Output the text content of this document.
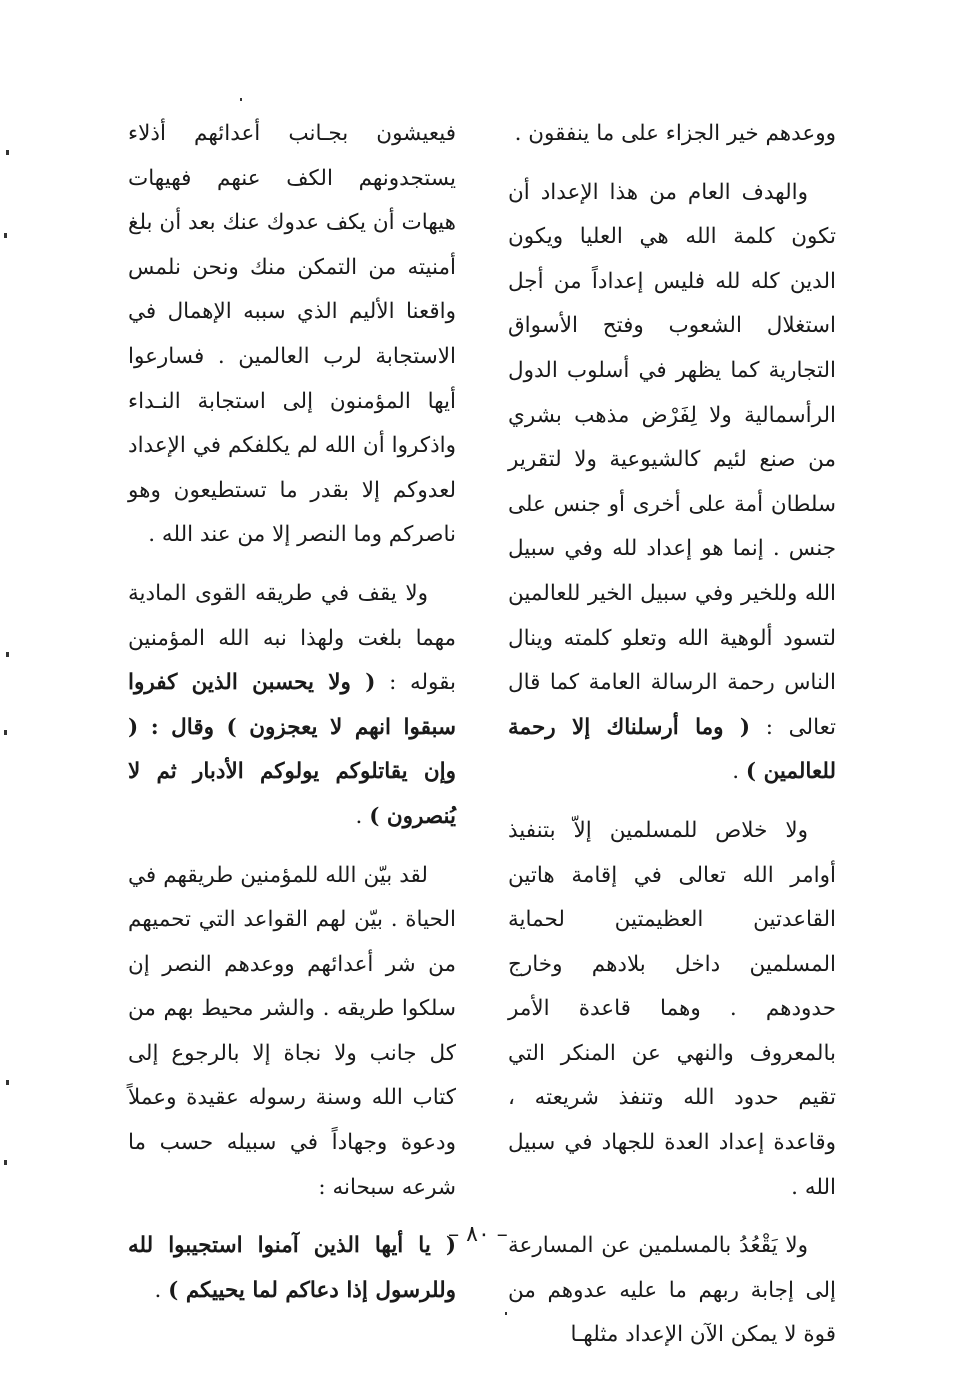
ووعدهم خير الجزاء على ما ينفقون .

والهدف العام من هذا الإعداد أن تكون كلمة الله هي العليا ويكون الدين كله لله فليس إعداداً من أجل استغلال الشعوب وفتح الأسواق التجارية كما يظهر في أسلوب الدول الرأسمالية ولا لِفَرْض مذهب بشري من صنع لئيم كالشيوعية ولا لتقرير سلطان أمة على أخرى أو جنس على جنس . إنما هو إعداد لله وفي سبيل الله وللخير وفي سبيل الخير للعالمين لتسود ألوهية الله وتعلو كلمته وينال الناس رحمة الرسالة العامة كما قال تعالى : ( وما أرسلناك إلا رحمة للعالمين ) .

ولا خلاص للمسلمين إلاّ بتنفيذ أوامر الله تعالى في إقامة هاتين القاعدتين العظيمتين لحماية المسلمين داخل بلادهم وخارج حدودهم . وهما قاعدة الأمر بالمعروف والنهي عن المنكر التي تقيم حدود الله وتنفذ شريعته ، وقاعدة إعداد العدة للجهاد في سبيل الله .

ولا يَقْعُدُ بالمسلمين عن المسارعة إلى إجابة ربهم ما عليه عدوهم من قوة لا يمكن الآن الإعداد مثلهـا

فيعيشون بجـانب أعدائهم أذلاء يستجدونهم الكف عنهم فهيهات هيهات أن يكف عدوك عنك بعد أن بلغ أمنيته من التمكن منك ونحن نلمس واقعنا الأليم الذي سببه الإهمال في الاستجابة لرب العالمين . فسارعوا أيها المؤمنون إلى استجابة النـداء واذكروا أن الله لم يكلفكم في الإعداد لعدوكم إلا بقدر ما تستطيعون وهو ناصركم وما النصر إلا من عند الله .

ولا يقف في طريقه القوى المادية مهما بلغت ولهذا نبه الله المؤمنين بقوله : ( ولا يحسبن الذين كفروا سبقوا انهم لا يعجزون ) وقال : ( وإن يقاتلوكم يولوكم الأدبار ثم لا يُنصرون ) .

لقد بيّن الله للمؤمنين طريقهم في الحياة . بيّن لهم القواعد التي تحميهم من شر أعدائهم ووعدهم النصر إن سلكوا طريقه . والشر محيط بهم من كل جانب ولا نجاة إلا بالرجوع إلى كتاب الله وسنة رسوله عقيدة وعملاً ودعوة وجهاداً في سبيله حسب ما شرعه سبحانه :

( يا أيها الذين آمنوا استجيبوا لله وللرسول إذا دعاكم لما يحييكم ) .

– ٨٠ –
